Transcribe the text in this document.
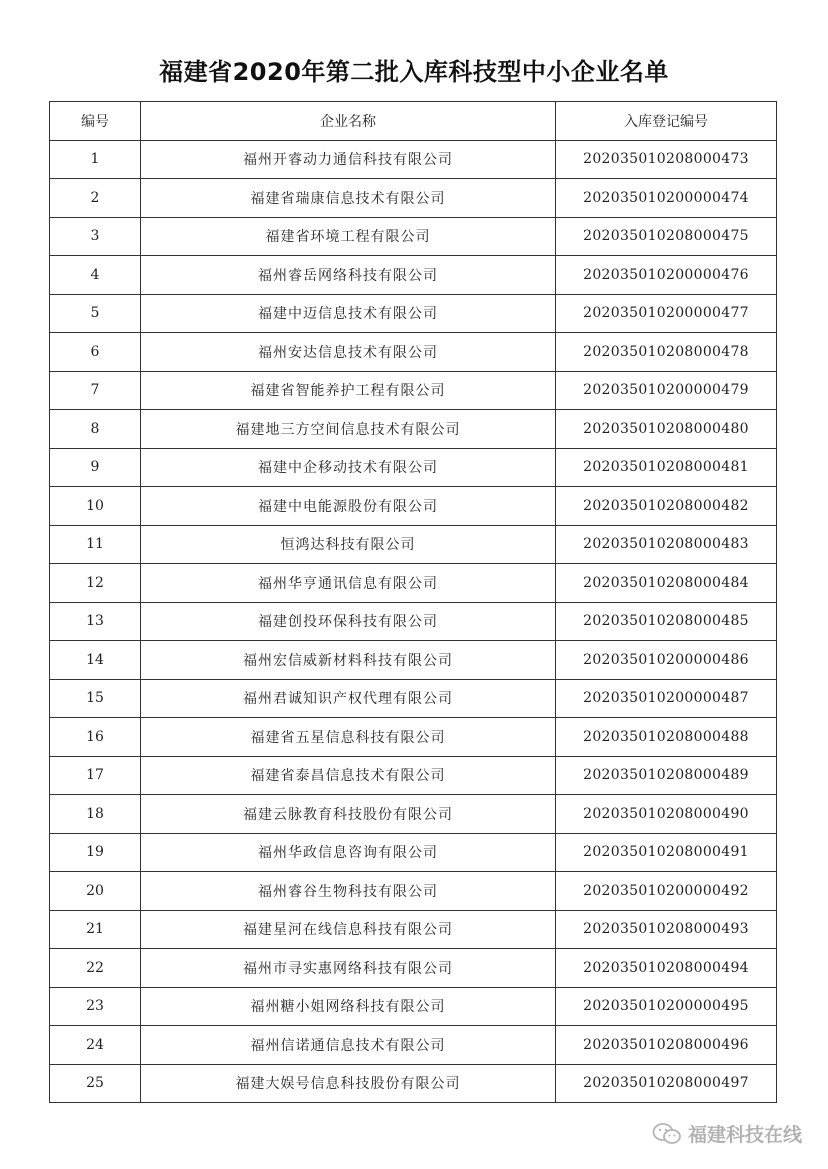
福建省2020年第二批入库科技型中小企业名单
编号	企业名称	入库登记编号
1	福州开睿动力通信科技有限公司	202035010208000473
2	福建省瑞康信息技术有限公司	202035010200000474
3	福建省环境工程有限公司	202035010208000475
4	福州睿岳网络科技有限公司	202035010200000476
5	福建中迈信息技术有限公司	202035010200000477
6	福州安达信息技术有限公司	202035010208000478
7	福建省智能养护工程有限公司	202035010200000479
8	福建地三方空间信息技术有限公司	202035010208000480
9	福建中企移动技术有限公司	202035010208000481
10	福建中电能源股份有限公司	202035010208000482
11	恒鸿达科技有限公司	202035010208000483
12	福州华亨通讯信息有限公司	202035010208000484
13	福建创投环保科技有限公司	202035010208000485
14	福州宏信威新材料科技有限公司	202035010200000486
15	福州君诚知识产权代理有限公司	202035010200000487
16	福建省五星信息科技有限公司	202035010208000488
17	福建省泰昌信息技术有限公司	202035010208000489
18	福建云脉教育科技股份有限公司	202035010208000490
19	福州华政信息咨询有限公司	202035010208000491
20	福州睿谷生物科技有限公司	202035010200000492
21	福建星河在线信息科技有限公司	202035010208000493
22	福州市寻实惠网络科技有限公司	202035010208000494
23	福州糖小姐网络科技有限公司	202035010200000495
24	福州信诺通信息技术有限公司	202035010208000496
25	福建大娱号信息科技股份有限公司	202035010208000497
福建科技在线
